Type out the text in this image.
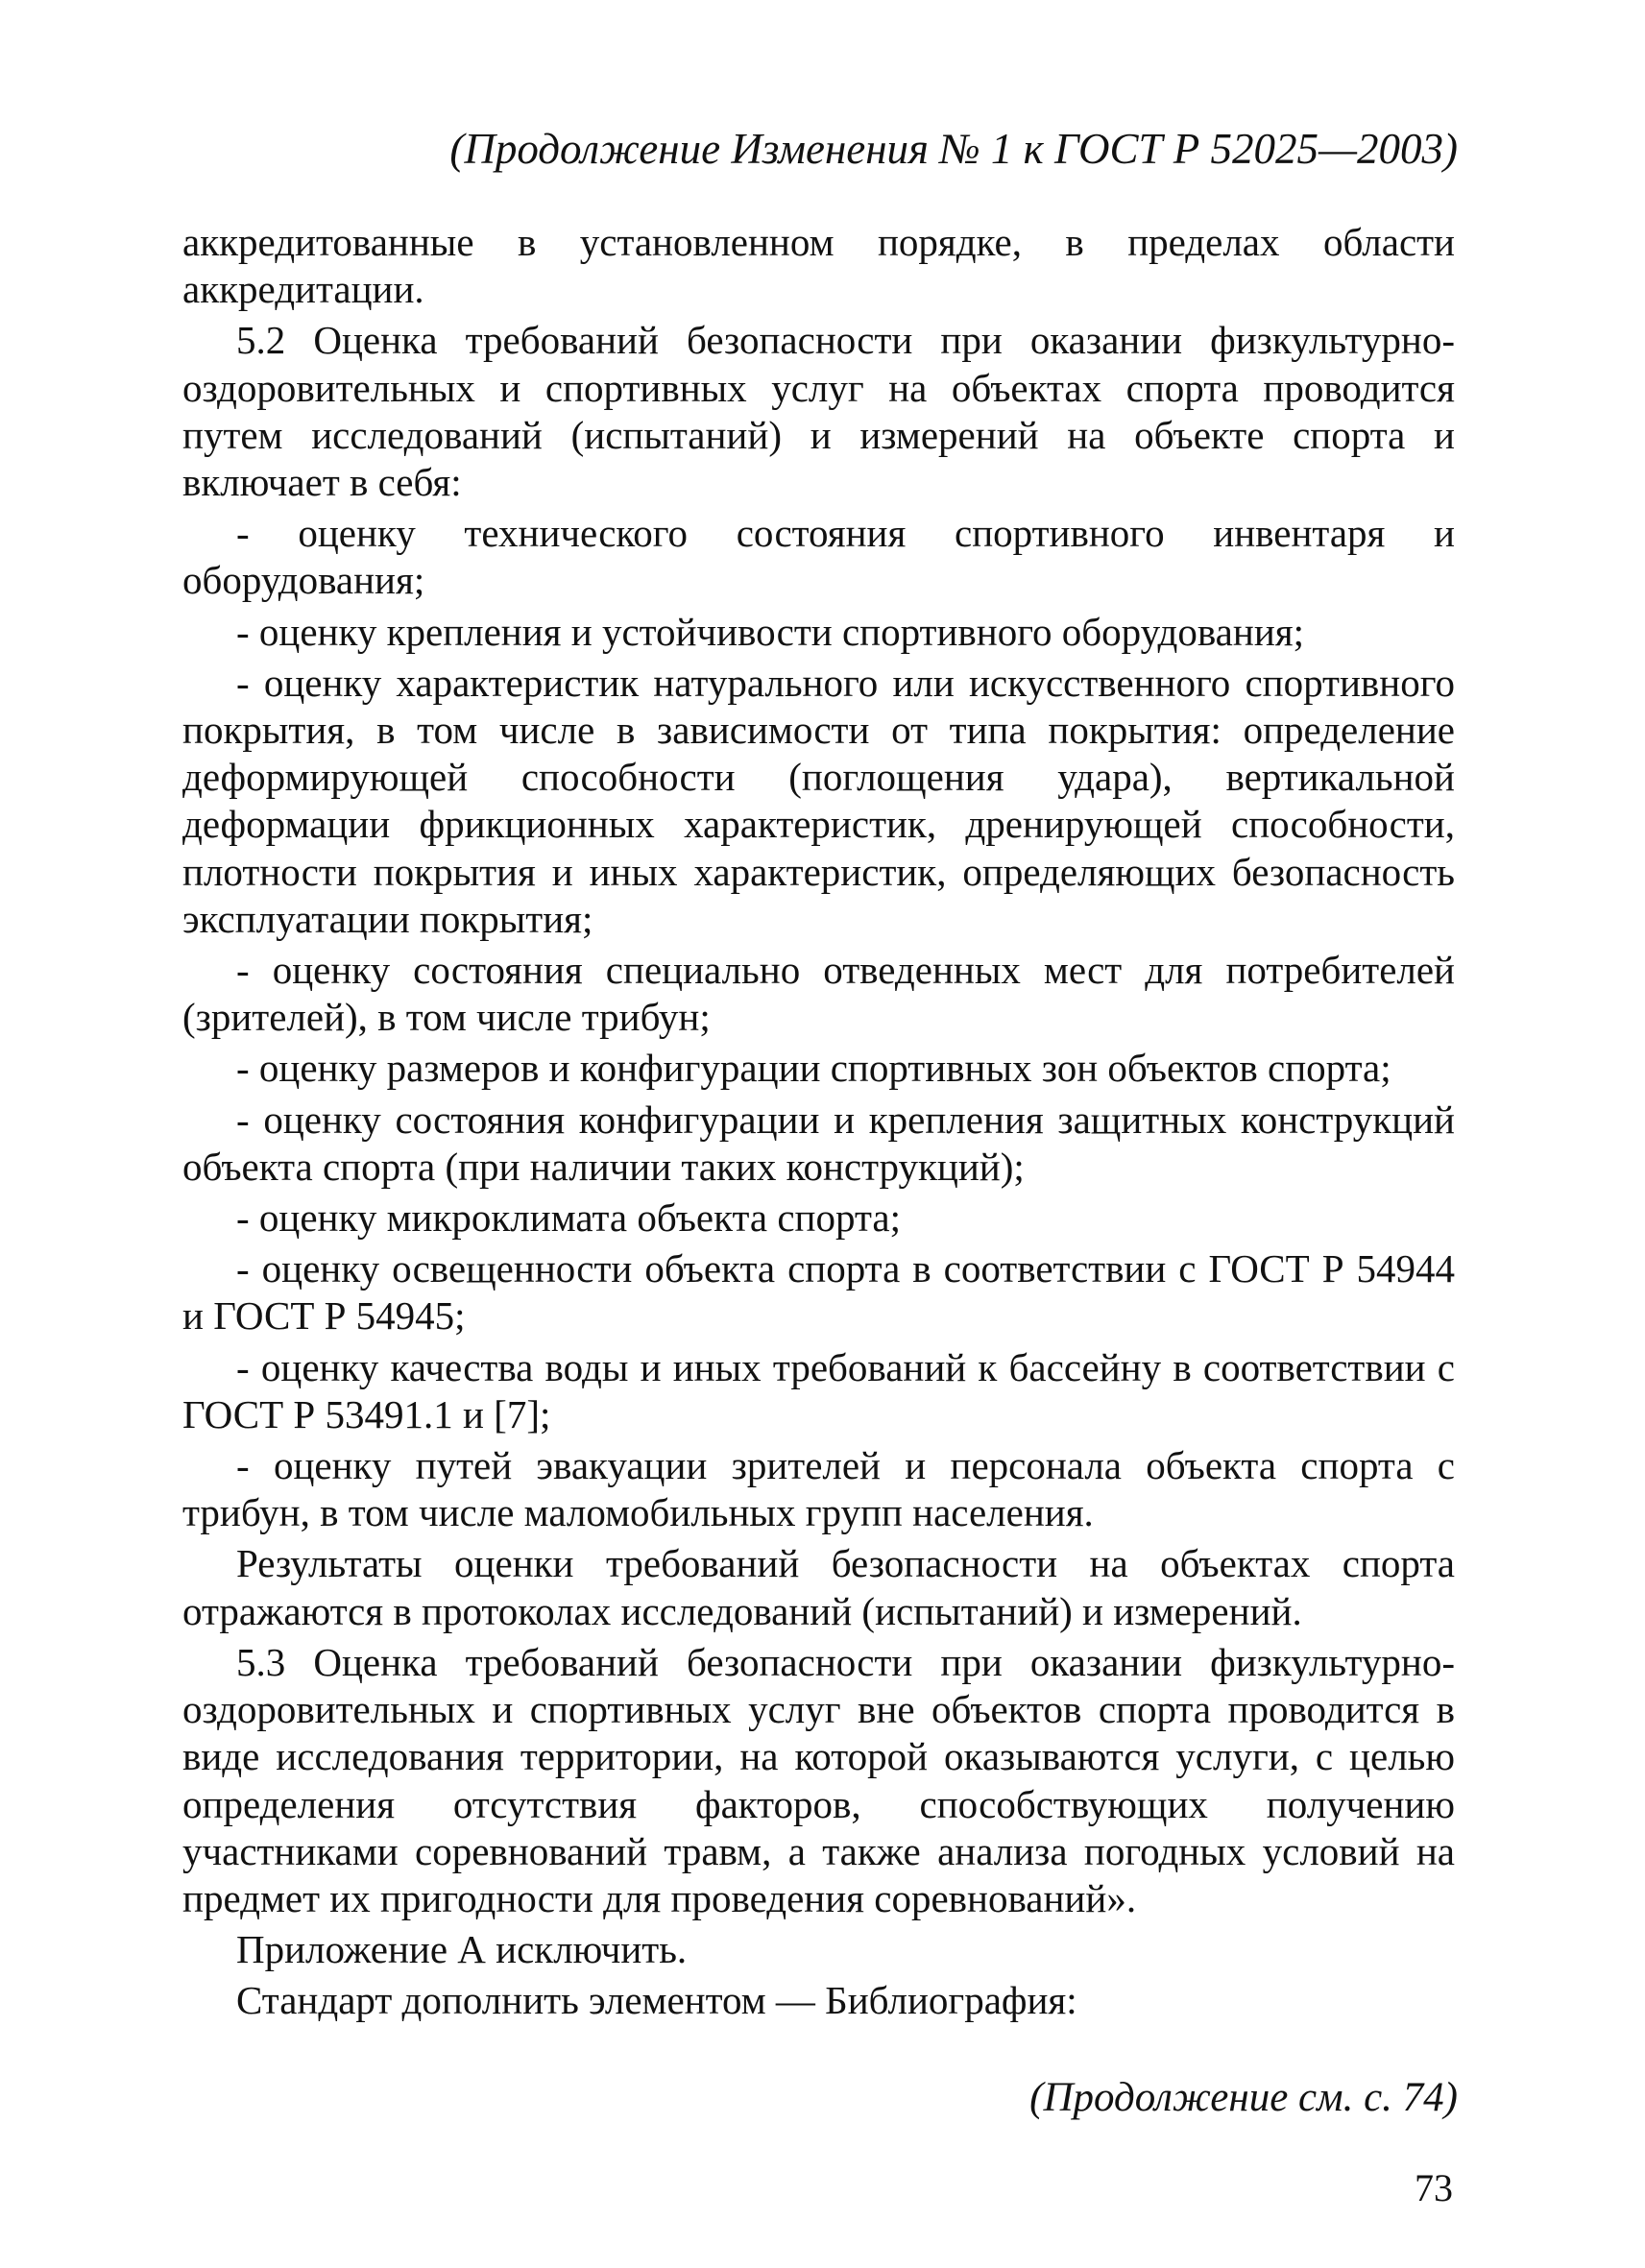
(Продолжение Изменения № 1 к ГОСТ Р 52025—2003)

аккредитованные в установленном порядке, в пределах области аккредитации.

5.2 Оценка требований безопасности при оказании физкультурно-оздоровительных и спортивных услуг на объектах спорта проводится путем исследований (испытаний) и измерений на объекте спорта и включает в себя:

- оценку технического состояния спортивного инвентаря и оборудования;

- оценку крепления и устойчивости спортивного оборудования;

- оценку характеристик натурального или искусственного спортивного покрытия, в том числе в зависимости от типа покрытия: определение деформирующей способности (поглощения удара), вертикальной деформации фрикционных характеристик, дренирующей способности, плотности покрытия и иных характеристик, определяющих безопасность эксплуатации покрытия;

- оценку состояния специально отведенных мест для потребителей (зрителей), в том числе трибун;

- оценку размеров и конфигурации спортивных зон объектов спорта;

- оценку состояния конфигурации и крепления защитных конструкций объекта спорта (при наличии таких конструкций);

- оценку микроклимата объекта спорта;

- оценку освещенности объекта спорта в соответствии с ГОСТ Р 54944 и ГОСТ Р 54945;

- оценку качества воды и иных требований к бассейну в соответствии с ГОСТ Р 53491.1 и [7];

- оценку путей эвакуации зрителей и персонала объекта спорта с трибун, в том числе маломобильных групп населения.

Результаты оценки требований безопасности на объектах спорта отражаются в протоколах исследований (испытаний) и измерений.

5.3 Оценка требований безопасности при оказании физкультурно-оздоровительных и спортивных услуг вне объектов спорта проводится в виде исследования территории, на которой оказываются услуги, с целью определения отсутствия факторов, способствующих получению участниками соревнований травм, а также анализа погодных условий на предмет их пригодности для проведения соревнований».

Приложение А исключить.

Стандарт дополнить элементом — Библиография:

(Продолжение см. с. 74)
73
